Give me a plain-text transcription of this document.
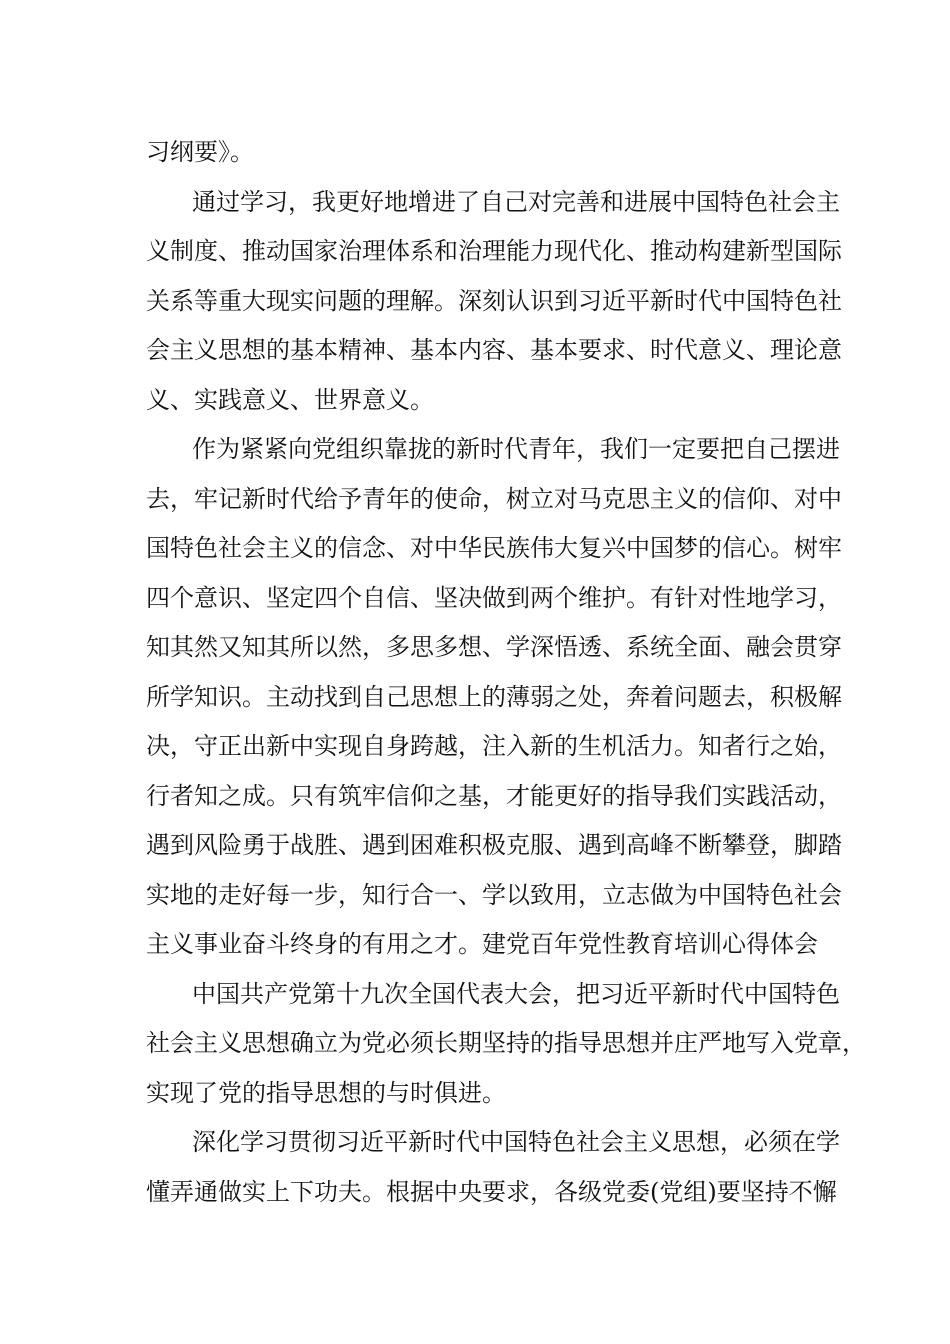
习纲要》。
通过学习，我更好地增进了自己对完善和进展中国特色社会主
义制度、推动国家治理体系和治理能力现代化、推动构建新型国际
关系等重大现实问题的理解。深刻认识到习近平新时代中国特色社
会主义思想的基本精神、基本内容、基本要求、时代意义、理论意
义、实践意义、世界意义。
作为紧紧向党组织靠拢的新时代青年，我们一定要把自己摆进
去，牢记新时代给予青年的使命，树立对马克思主义的信仰、对中
国特色社会主义的信念、对中华民族伟大复兴中国梦的信心。树牢
四个意识、坚定四个自信、坚决做到两个维护。有针对性地学习，
知其然又知其所以然，多思多想、学深悟透、系统全面、融会贯穿
所学知识。主动找到自己思想上的薄弱之处，奔着问题去，积极解
决，守正出新中实现自身跨越，注入新的生机活力。知者行之始，
行者知之成。只有筑牢信仰之基，才能更好的指导我们实践活动，
遇到风险勇于战胜、遇到困难积极克服、遇到高峰不断攀登，脚踏
实地的走好每一步，知行合一、学以致用，立志做为中国特色社会
主义事业奋斗终身的有用之才。建党百年党性教育培训心得体会
中国共产党第十九次全国代表大会，把习近平新时代中国特色
社会主义思想确立为党必须长期坚持的指导思想并庄严地写入党章，
实现了党的指导思想的与时俱进。
深化学习贯彻习近平新时代中国特色社会主义思想，必须在学
懂弄通做实上下功夫。根据中央要求，各级党委(党组)要坚持不懈
